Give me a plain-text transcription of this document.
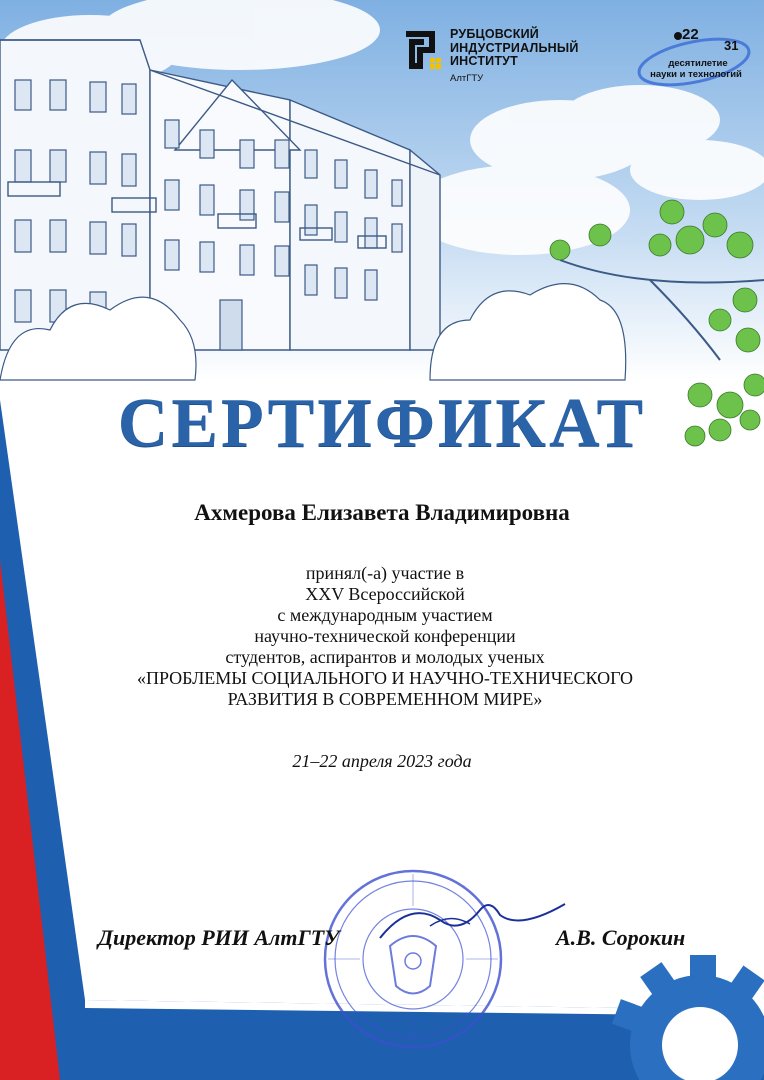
РУБЦОВСКИЙ
ИНДУСТРИАЛЬНЫЙ
ИНСТИТУТ
АлтГТУ
22
31
десятилетие
науки и технологий
СЕРТИФИКАТ
Ахмерова Елизавета Владимировна
принял(-а) участие в
XXV Всероссийской
с международным участием
научно-технической конференции
студентов, аспирантов и молодых ученых
«ПРОБЛЕМЫ СОЦИАЛЬНОГО И НАУЧНО-ТЕХНИЧЕСКОГО
РАЗВИТИЯ В СОВРЕМЕННОМ МИРЕ»
21–22 апреля 2023 года
Директор РИИ АлтГТУ	А.В. Сорокин
